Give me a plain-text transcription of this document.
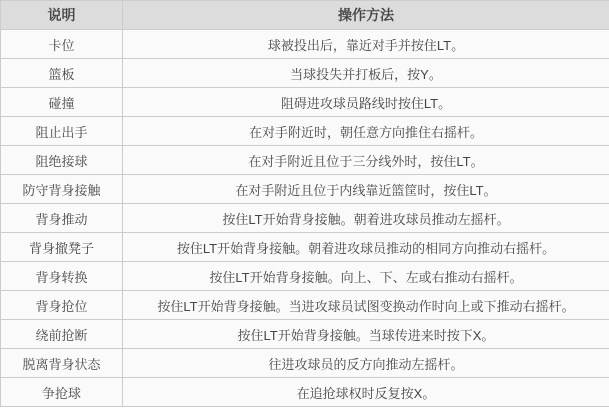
说明	操作方法
卡位	球被投出后，靠近对手并按住LT。
篮板	当球投失并打板后，按Y。
碰撞	阻碍进攻球员路线时按住LT。
阻止出手	在对手附近时，朝任意方向推住右摇杆。
阻绝接球	在对手附近且位于三分线外时，按住LT。
防守背身接触	在对手附近且位于内线靠近篮筐时，按住LT。
背身推动	按住LT开始背身接触。朝着进攻球员推动左摇杆。
背身撤凳子	按住LT开始背身接触。朝着进攻球员推动的相同方向推动右摇杆。
背身转换	按住LT开始背身接触。向上、下、左或右推动右摇杆。
背身抢位	按住LT开始背身接触。当进攻球员试图变换动作时向上或下推动右摇杆。
绕前抢断	按住LT开始背身接触。当球传进来时按下X。
脱离背身状态	往进攻球员的反方向推动左摇杆。
争抢球	在追抢球权时反复按X。
